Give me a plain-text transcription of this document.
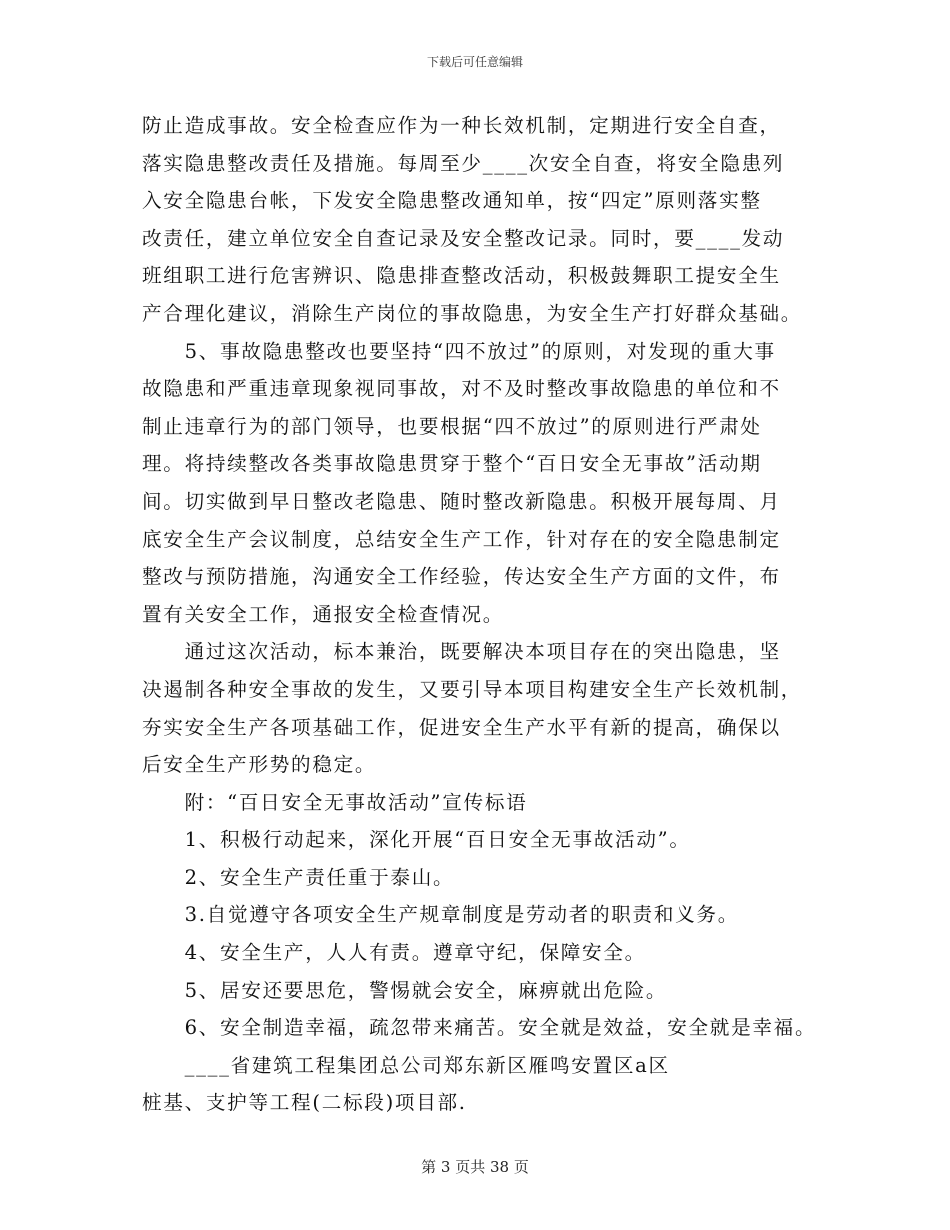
下载后可任意编辑
防止造成事故。安全检查应作为一种长效机制，定期进行安全自查，
落实隐患整改责任及措施。每周至少____次安全自查，将安全隐患列
入安全隐患台帐，下发安全隐患整改通知单，按“四定”原则落实整
改责任，建立单位安全自查记录及安全整改记录。同时，要____发动
班组职工进行危害辨识、隐患排查整改活动，积极鼓舞职工提安全生
产合理化建议，消除生产岗位的事故隐患，为安全生产打好群众基础。
　　5、事故隐患整改也要坚持“四不放过”的原则，对发现的重大事
故隐患和严重违章现象视同事故，对不及时整改事故隐患的单位和不
制止违章行为的部门领导，也要根据“四不放过”的原则进行严肃处
理。将持续整改各类事故隐患贯穿于整个“百日安全无事故”活动期
间。切实做到早日整改老隐患、随时整改新隐患。积极开展每周、月
底安全生产会议制度，总结安全生产工作，针对存在的安全隐患制定
整改与预防措施，沟通安全工作经验，传达安全生产方面的文件，布
置有关安全工作，通报安全检查情况。
　　通过这次活动，标本兼治，既要解决本项目存在的突出隐患，坚
决遏制各种安全事故的发生，又要引导本项目构建安全生产长效机制，
夯实安全生产各项基础工作，促进安全生产水平有新的提高，确保以
后安全生产形势的稳定。
　　附：“百日安全无事故活动”宣传标语
　　1、积极行动起来，深化开展“百日安全无事故活动”。
　　2、安全生产责任重于泰山。
　　3.自觉遵守各项安全生产规章制度是劳动者的职责和义务。
　　4、安全生产，人人有责。遵章守纪，保障安全。
　　5、居安还要思危，警惕就会安全，麻痹就出危险。
　　6、安全制造幸福，疏忽带来痛苦。安全就是效益，安全就是幸福。
　　____省建筑工程集团总公司郑东新区雁鸣安置区a区
桩基、支护等工程(二标段)项目部.
第 3 页共 38 页
